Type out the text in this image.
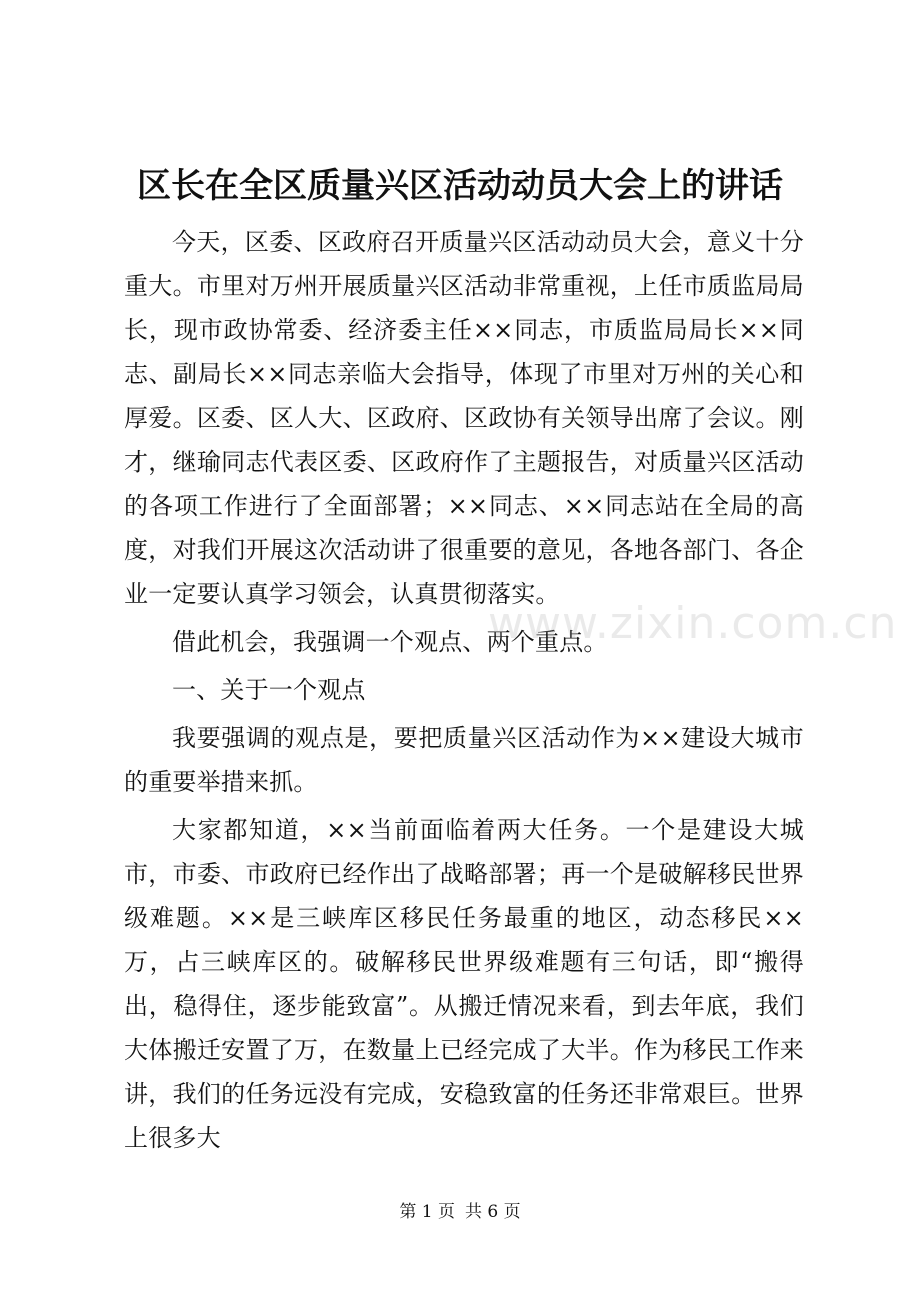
区长在全区质量兴区活动动员大会上的讲话

今天，区委、区政府召开质量兴区活动动员大会，意义十分重大。市里对万州开展质量兴区活动非常重视，上任市质监局局长，现市政协常委、经济委主任××同志，市质监局局长××同志、副局长××同志亲临大会指导，体现了市里对万州的关心和厚爱。区委、区人大、区政府、区政协有关领导出席了会议。刚才，继瑜同志代表区委、区政府作了主题报告，对质量兴区活动的各项工作进行了全面部署；××同志、××同志站在全局的高度，对我们开展这次活动讲了很重要的意见，各地各部门、各企业一定要认真学习领会，认真贯彻落实。

借此机会，我强调一个观点、两个重点。

一、关于一个观点

我要强调的观点是，要把质量兴区活动作为××建设大城市的重要举措来抓。

大家都知道，××当前面临着两大任务。一个是建设大城市，市委、市政府已经作出了战略部署；再一个是破解移民世界级难题。××是三峡库区移民任务最重的地区，动态移民××万，占三峡库区的。破解移民世界级难题有三句话，即“搬得出，稳得住，逐步能致富”。从搬迁情况来看，到去年底，我们大体搬迁安置了万，在数量上已经完成了大半。作为移民工作来讲，我们的任务远没有完成，安稳致富的任务还非常艰巨。世界上很多大

www.zixin.com.cn
第 1 页 共 6 页
